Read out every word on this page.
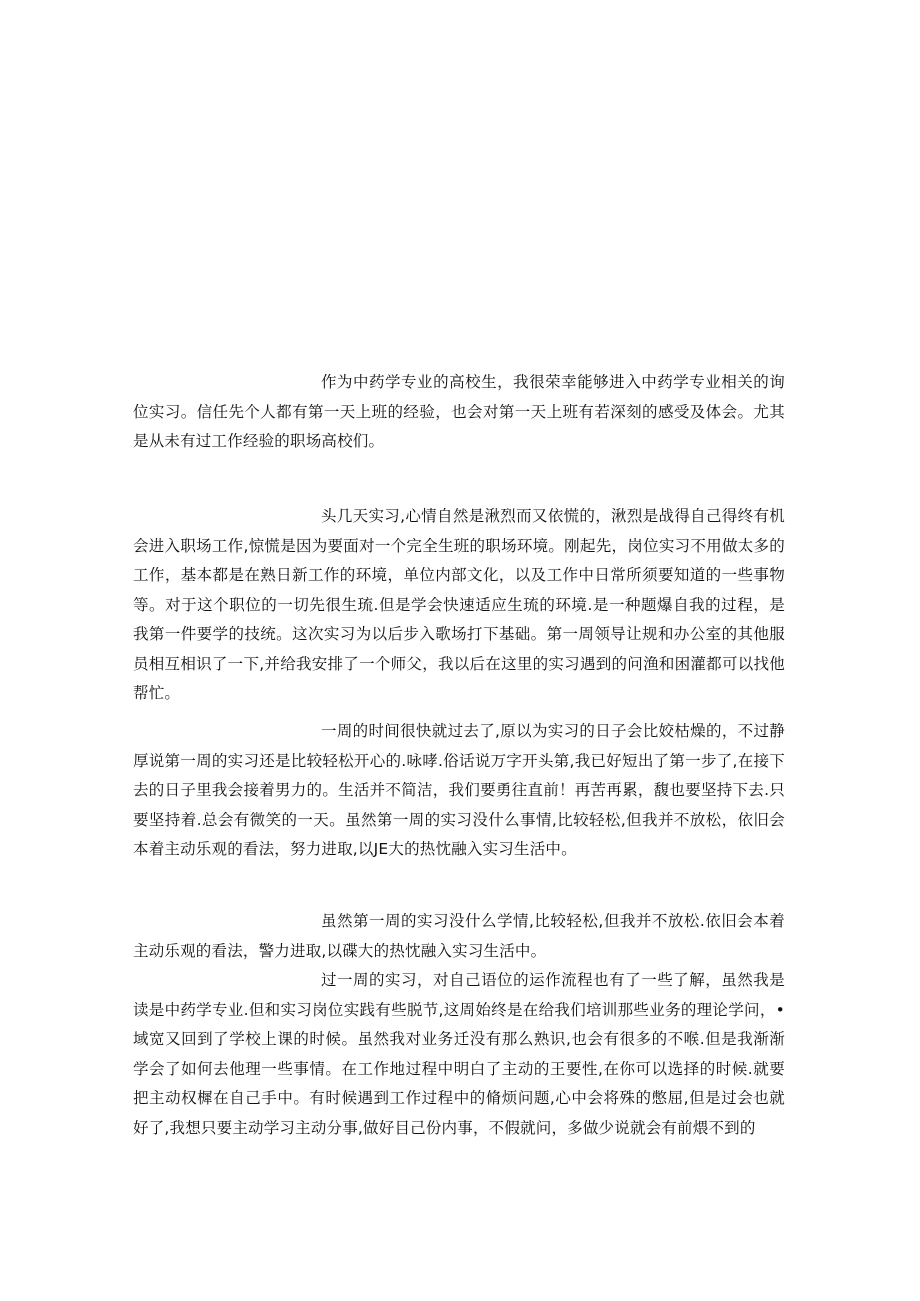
作为中药学专业的高校生，我很荣幸能够进入中药学专业相关的询位实习。信任先个人都有第一天上班的经验，也会对第一天上班有若深刻的感受及体会。尤其是从未有过工作经验的职场高校们。

头几天实习,心情自然是湫烈而又依慌的，湫烈是战得自己得终有机会进入职场工作,惊慌是因为要面对一个完全生班的职场环境。刚起先，岗位实习不用做太多的工作，基本都是在熟日新工作的环境，单位内部文化，以及工作中日常所须要知道的一些事物等。对于这个职位的一切先很生琉.但是学会快速适应生琉的环境.是一种题爆自我的过程，是我第一件要学的技统。这次实习为以后步入歌场打下基础。第一周领导让规和办公室的其他服员相互相识了一下,并给我安排了一个师父，我以后在这里的实习遇到的问渔和困灌都可以找他帮忙。

一周的时间很快就过去了,原以为实习的日子会比姣枯燥的，不过静厚说第一周的实习还是比较轻松开心的.咏哮.俗话说万字开头第,我已好短出了第一步了,在接下去的日子里我会接着男力的。生活并不简洁，我们要勇往直前！再苦再累，馥也要坚持下去.只要坚持着.总会有微笑的一天。虽然第一周的实习没什么事情,比较轻松,但我并不放松，依旧会本着主动乐观的看法，努力进取,以JE大的热忱融入实习生活中。

虽然第一周的实习没什么学情,比较轻松,但我并不放松.依旧会本着主动乐观的看法，警力进取,以碟大的热忱融入实习生活中。

过一周的实习，对自己语位的运作流程也有了一些了解，虽然我是读是中药学专业.但和实习岗位实践有些脱节,这周始终是在给我们培训那些业务的理论学问，•域宽又回到了学校上课的时候。虽然我对业务迁没有那么熟识,也会有很多的不喉.但是我渐渐学会了如何去他理一些事情。在工作地过程中明白了主动的王要性,在你可以选择的时候.就要把主动权樨在自己手中。有时候遇到工作过程中的脩烦问题,心中会将殊的憋屈,但是过会也就好了,我想只要主动学习主动分事,做好目己份内事，不假就问，多做少说就会有前煨不到的
